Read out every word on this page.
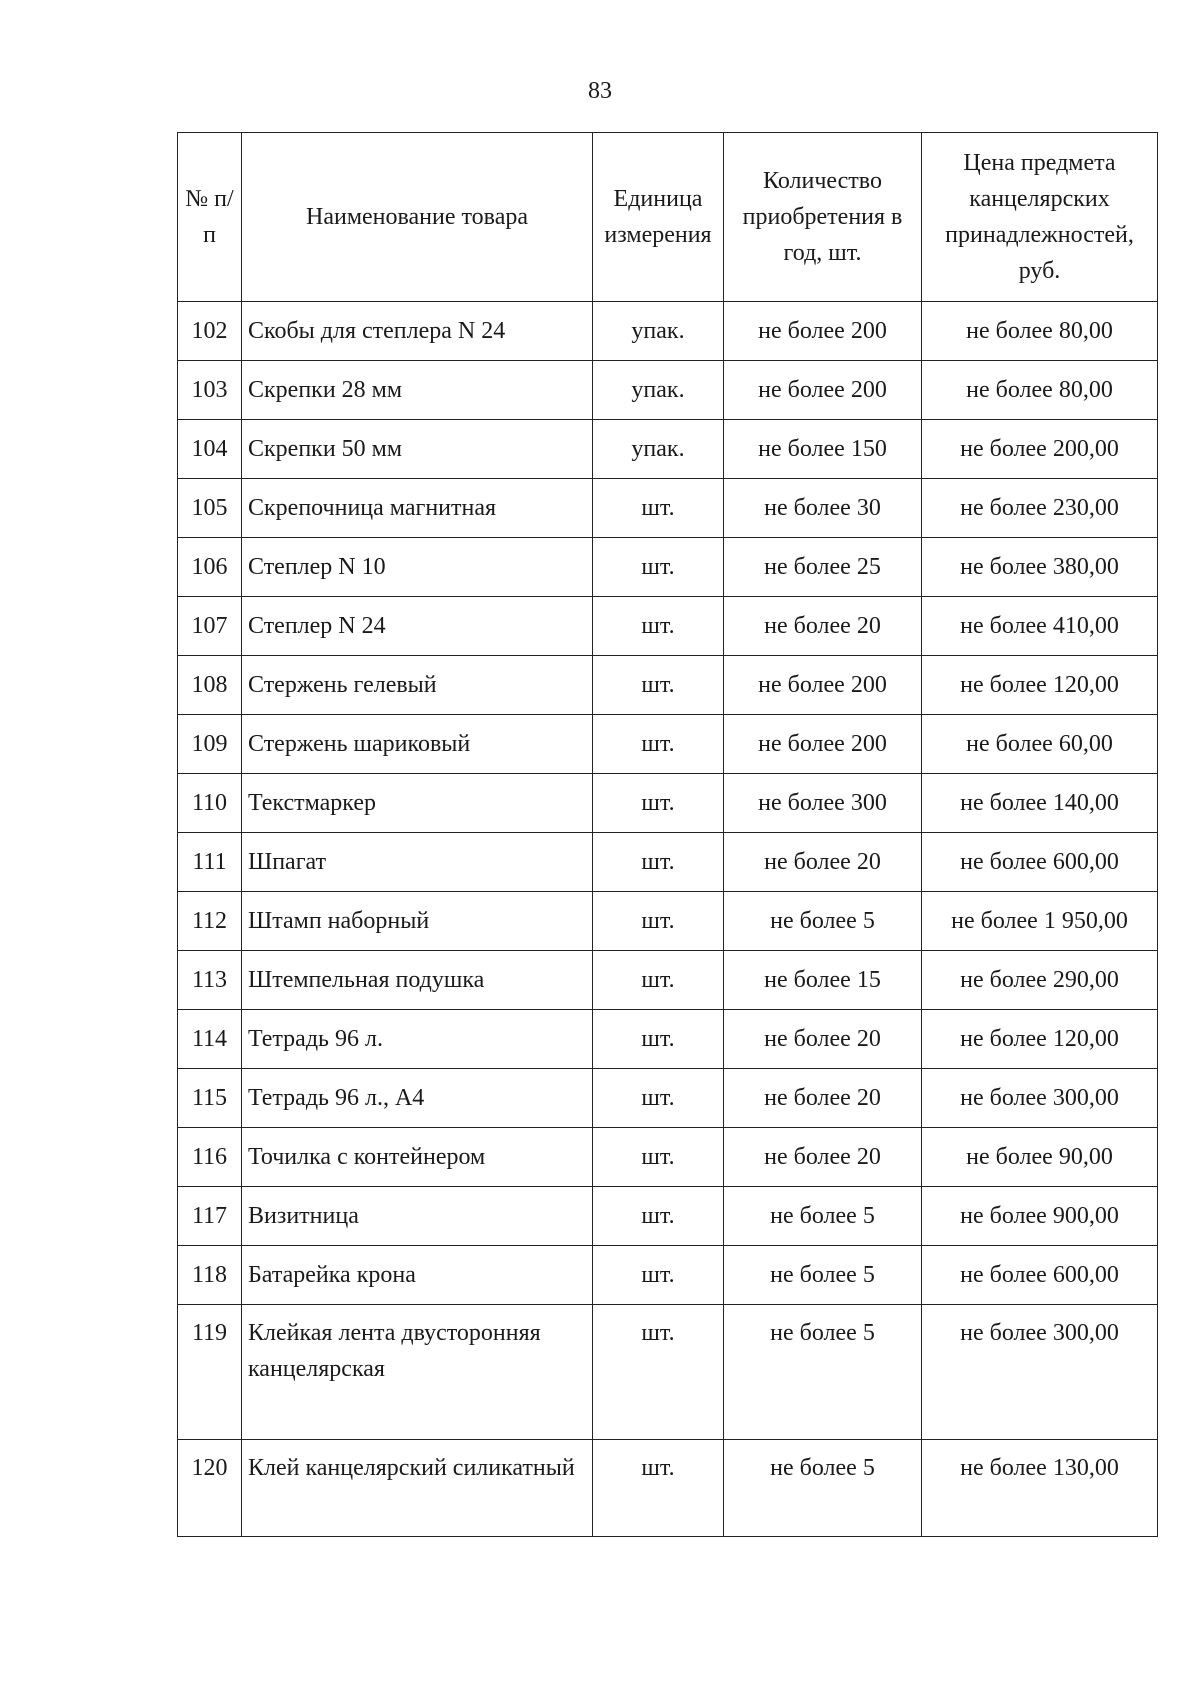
83
№ п/п	Наименование товара	Единица измерения	Количество приобретения в год, шт.	Цена предмета канцелярских принадлежностей, руб.
102	Скобы для степлера N 24	упак.	не более 200	не более 80,00
103	Скрепки 28 мм	упак.	не более 200	не более 80,00
104	Скрепки 50 мм	упак.	не более 150	не более 200,00
105	Скрепочница магнитная	шт.	не более 30	не более 230,00
106	Степлер N 10	шт.	не более 25	не более 380,00
107	Степлер N 24	шт.	не более 20	не более 410,00
108	Стержень гелевый	шт.	не более 200	не более 120,00
109	Стержень шариковый	шт.	не более 200	не более 60,00
110	Текстмаркер	шт.	не более 300	не более 140,00
111	Шпагат	шт.	не более 20	не более 600,00
112	Штамп наборный	шт.	не более 5	не более 1 950,00
113	Штемпельная подушка	шт.	не более 15	не более 290,00
114	Тетрадь 96 л.	шт.	не более 20	не более 120,00
115	Тетрадь 96 л., А4	шт.	не более 20	не более 300,00
116	Точилка с контейнером	шт.	не более 20	не более 90,00
117	Визитница	шт.	не более 5	не более 900,00
118	Батарейка крона	шт.	не более 5	не более 600,00
119	Клейкая лента двусторонняя канцелярская	шт.	не более 5	не более 300,00
120	Клей канцелярский силикатный	шт.	не более 5	не более 130,00
